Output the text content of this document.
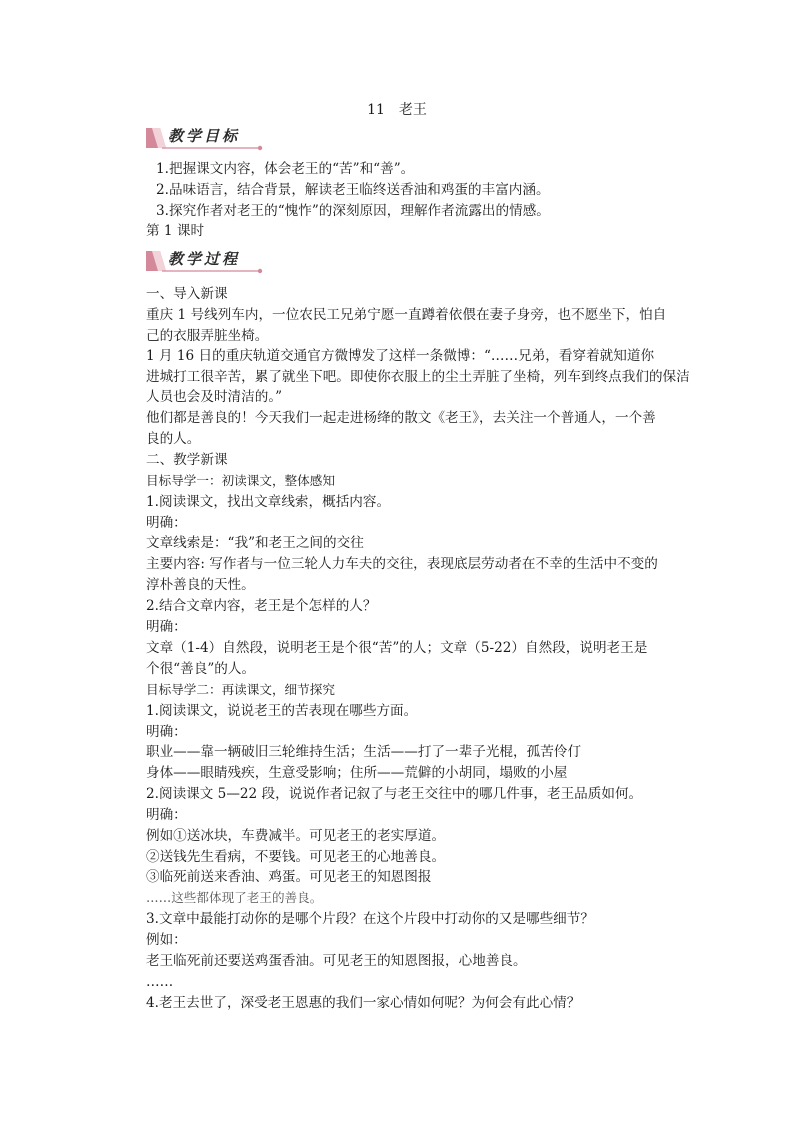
11　老王
教学目标
1.把握课文内容，体会老王的“苦”和“善”。
2.品味语言，结合背景，解读老王临终送香油和鸡蛋的丰富内涵。
3.探究作者对老王的“愧怍”的深刻原因，理解作者流露出的情感。
第 1 课时
教学过程
一、导入新课
重庆 1 号线列车内，一位农民工兄弟宁愿一直蹲着依偎在妻子身旁，也不愿坐下，怕自
己的衣服弄脏坐椅。
1 月 16 日的重庆轨道交通官方微博发了这样一条微博：“……兄弟，看穿着就知道你
进城打工很辛苦，累了就坐下吧。即使你衣服上的尘土弄脏了坐椅，列车到终点我们的保洁
人员也会及时清洁的。”
他们都是善良的！今天我们一起走进杨绛的散文《老王》，去关注一个普通人，一个善
良的人。
二、教学新课
目标导学一：初读课文，整体感知
1.阅读课文，找出文章线索，概括内容。
明确：
文章线索是：“我”和老王之间的交往
主要内容: 写作者与一位三轮人力车夫的交往，表现底层劳动者在不幸的生活中不变的
淳朴善良的天性。
2.结合文章内容，老王是个怎样的人？
明确：
文章（1-4）自然段，说明老王是个很“苦”的人；文章（5-22）自然段，说明老王是
个很“善良”的人。
目标导学二：再读课文，细节探究
1.阅读课文，说说老王的苦表现在哪些方面。
明确：
职业——靠一辆破旧三轮维持生活；生活——打了一辈子光棍，孤苦伶仃
身体——眼睛残疾，生意受影响；住所——荒僻的小胡同，塌败的小屋
2.阅读课文 5—22 段，说说作者记叙了与老王交往中的哪几件事，老王品质如何。
明确：
例如①送冰块，车费减半。可见老王的老实厚道。
②送钱先生看病，不要钱。可见老王的心地善良。
③临死前送来香油、鸡蛋。可见老王的知恩图报
……这些都体现了老王的善良。
3.文章中最能打动你的是哪个片段？在这个片段中打动你的又是哪些细节？
例如：
老王临死前还要送鸡蛋香油。可见老王的知恩图报，心地善良。
……
4.老王去世了，深受老王恩惠的我们一家心情如何呢？为何会有此心情？
